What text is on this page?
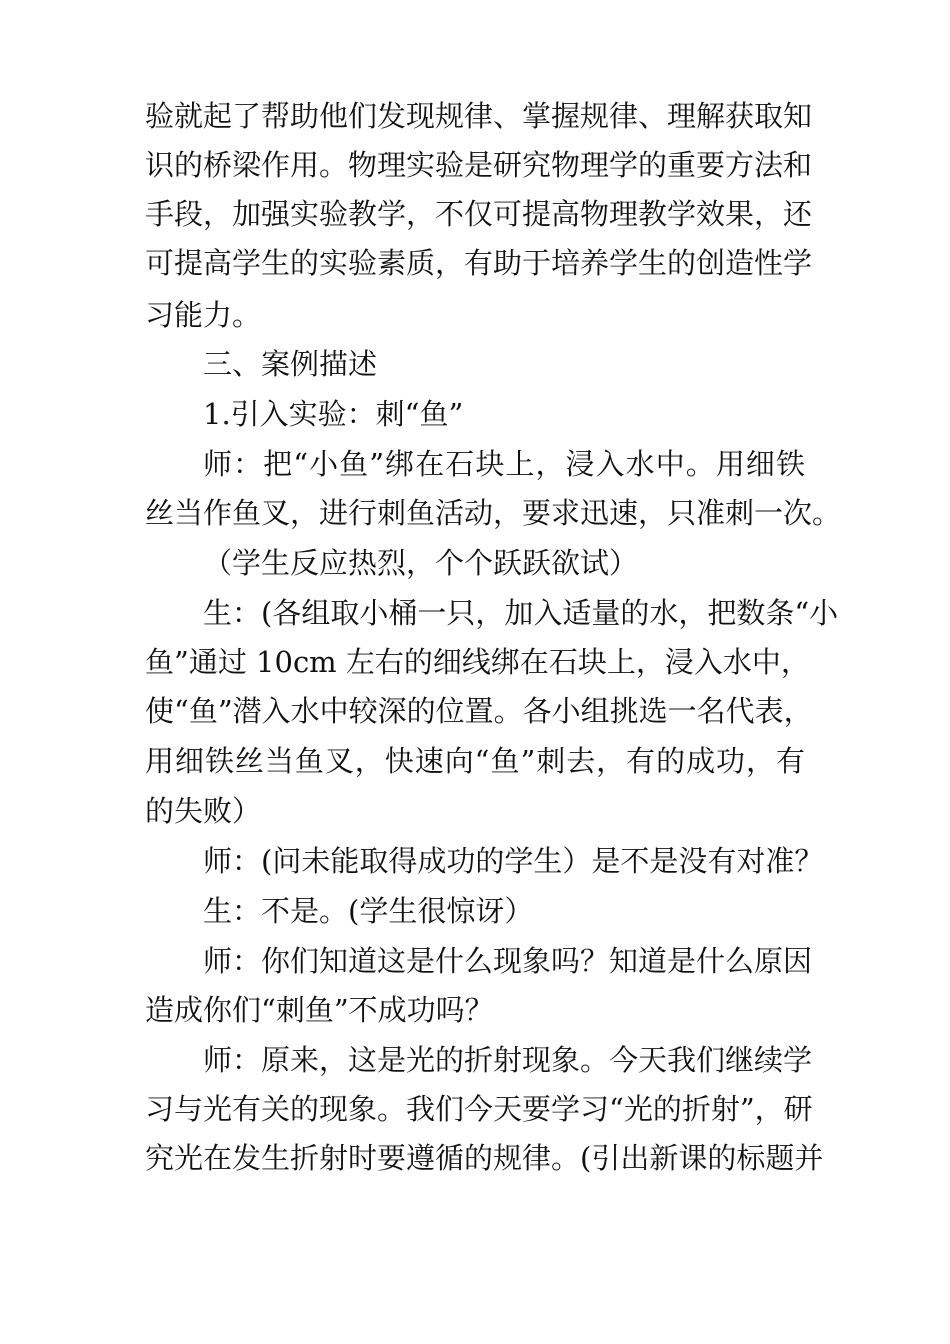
验就起了帮助他们发现规律、掌握规律、理解获取知
识的桥梁作用。物理实验是研究物理学的重要方法和
手段，加强实验教学，不仅可提高物理教学效果，还
可提高学生的实验素质，有助于培养学生的创造性学
习能力。
三、案例描述
1.引入实验：刺“鱼”
师：把“小鱼”绑在石块上，浸入水中。用细铁
丝当作鱼叉，进行刺鱼活动，要求迅速，只准刺一次。
（学生反应热烈，个个跃跃欲试）
生：(各组取小桶一只，加入适量的水，把数条“小
鱼”通过 10cm 左右的细线绑在石块上，浸入水中，
使“鱼”潜入水中较深的位置。各小组挑选一名代表，
用细铁丝当鱼叉，快速向“鱼”刺去，有的成功，有
的失败）
师：(问未能取得成功的学生）是不是没有对准？
生：不是。(学生很惊讶）
师：你们知道这是什么现象吗？知道是什么原因
造成你们“刺鱼”不成功吗？
师：原来，这是光的折射现象。今天我们继续学
习与光有关的现象。我们今天要学习“光的折射”，研
究光在发生折射时要遵循的规律。(引出新课的标题并
